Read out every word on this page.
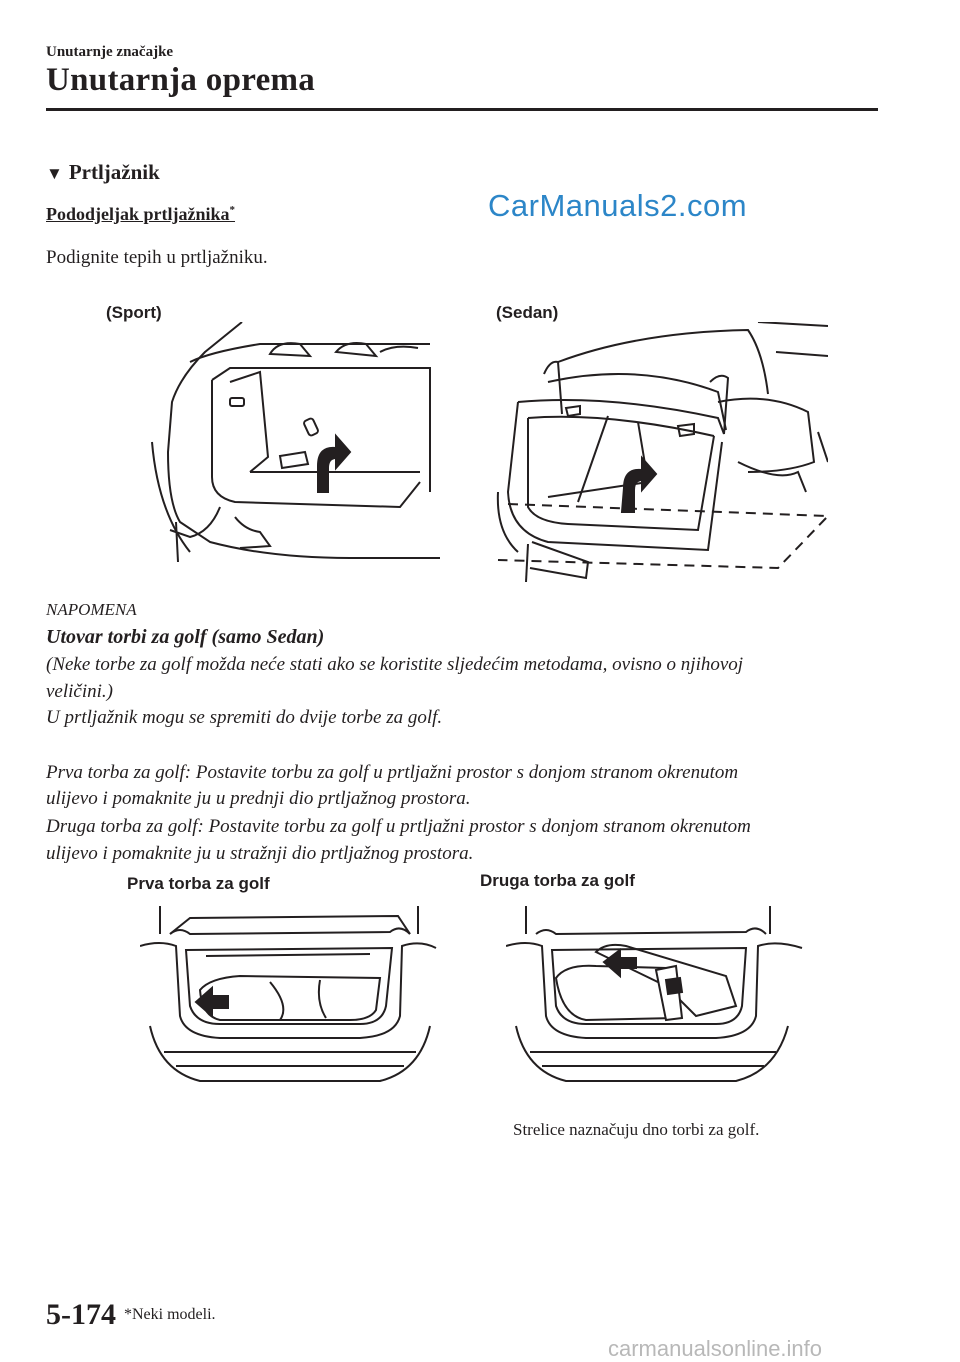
Unutarnje značajke
Unutarnja oprema
▼ Prtljažnik
Pododjeljak prtljažnika*
Podignite tepih u prtljažniku.
CarManuals2.com
(Sport)	(Sedan)
NAPOMENA
Utovar torbi za golf (samo Sedan)
(Neke torbe za golf možda neće stati ako se koristite sljedećim metodama, ovisno o njihovoj
veličini.)
U prtljažnik mogu se spremiti do dvije torbe za golf.
Prva torba za golf: Postavite torbu za golf u prtljažni prostor s donjom stranom okrenutom
ulijevo i pomaknite ju u prednji dio prtljažnog prostora.
Druga torba za golf: Postavite torbu za golf u prtljažni prostor s donjom stranom okrenutom
ulijevo i pomaknite ju u stražnji dio prtljažnog prostora.
Prva torba za golf	Druga torba za golf
Strelice naznačuju dno torbi za golf.
5-174 *Neki modeli.
carmanualsonline.info
